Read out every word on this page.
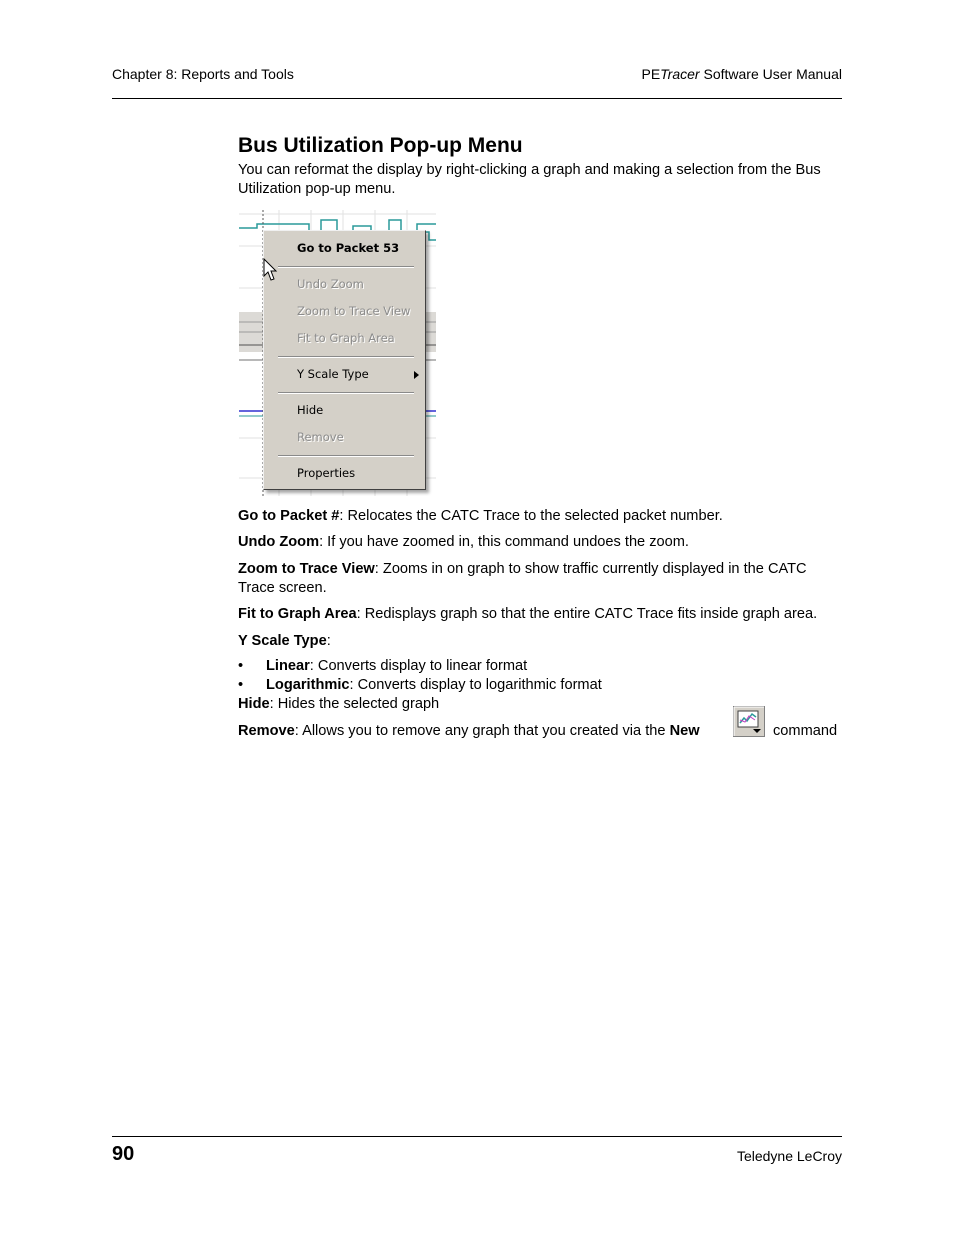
Chapter 8: Reports and Tools	PETracer Software User Manual
Bus Utilization Pop-up Menu
You can reformat the display by right-clicking a graph and making a selection from the Bus Utilization pop-up menu.
Go to Packet 53
Undo Zoom
Zoom to Trace View
Fit to Graph Area
Y Scale Type
Hide
Remove
Properties
Go to Packet #: Relocates the CATC Trace to the selected packet number.
Undo Zoom: If you have zoomed in, this command undoes the zoom.
Zoom to Trace View: Zooms in on graph to show traffic currently displayed in the CATC Trace screen.
Fit to Graph Area: Redisplays graph so that the entire CATC Trace fits inside graph area.
Y Scale Type:
• Linear: Converts display to linear format
• Logarithmic: Converts display to logarithmic format
Hide: Hides the selected graph
Remove: Allows you to remove any graph that you created via the New	command
90	Teledyne LeCroy
